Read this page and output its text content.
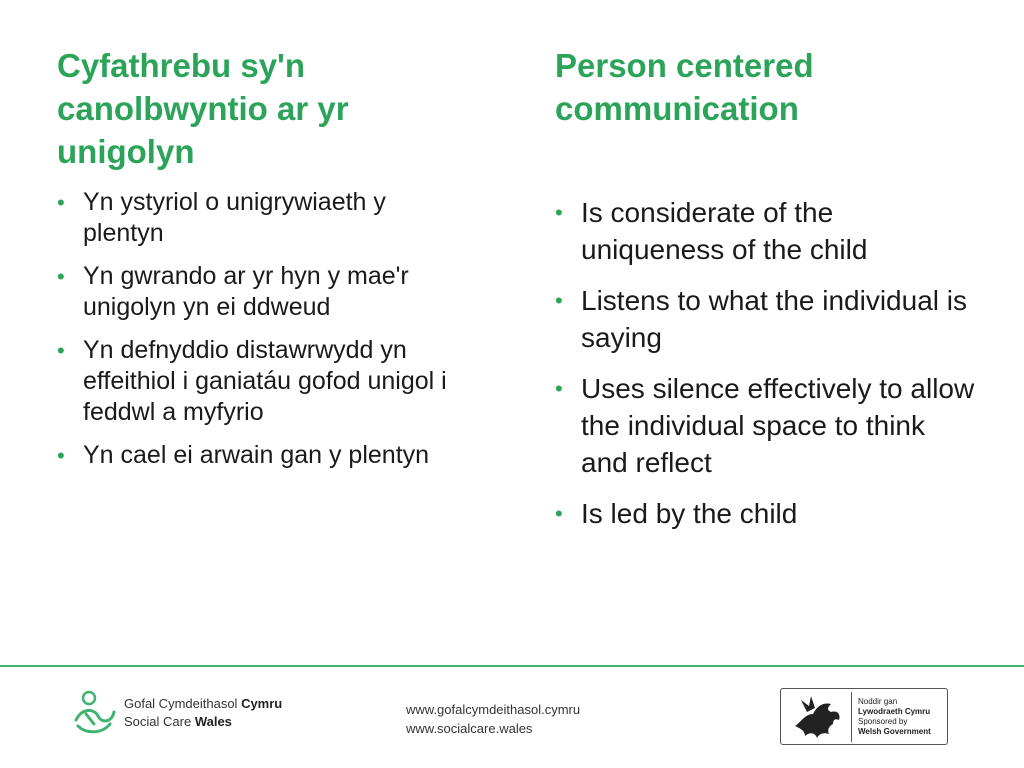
Cyfathrebu sy'n
canolbwyntio ar yr
unigolyn
• Yn ystyriol o unigrywiaeth y plentyn
• Yn gwrando ar yr hyn y mae'r unigolyn yn ei ddweud
• Yn defnyddio distawrwydd yn effeithiol i ganiatáu gofod unigol i feddwl a myfyrio
• Yn cael ei arwain gan y plentyn
Person centered
communication
• Is considerate of the uniqueness of the child
• Listens to what the individual is saying
• Uses silence effectively to allow the individual space to think and reflect
• Is led by the child
Gofal Cymdeithasol Cymru
Social Care Wales
www.gofalcymdeithasol.cymru
www.socialcare.wales
Noddir gan
Lywodraeth Cymru
Sponsored by
Welsh Government
